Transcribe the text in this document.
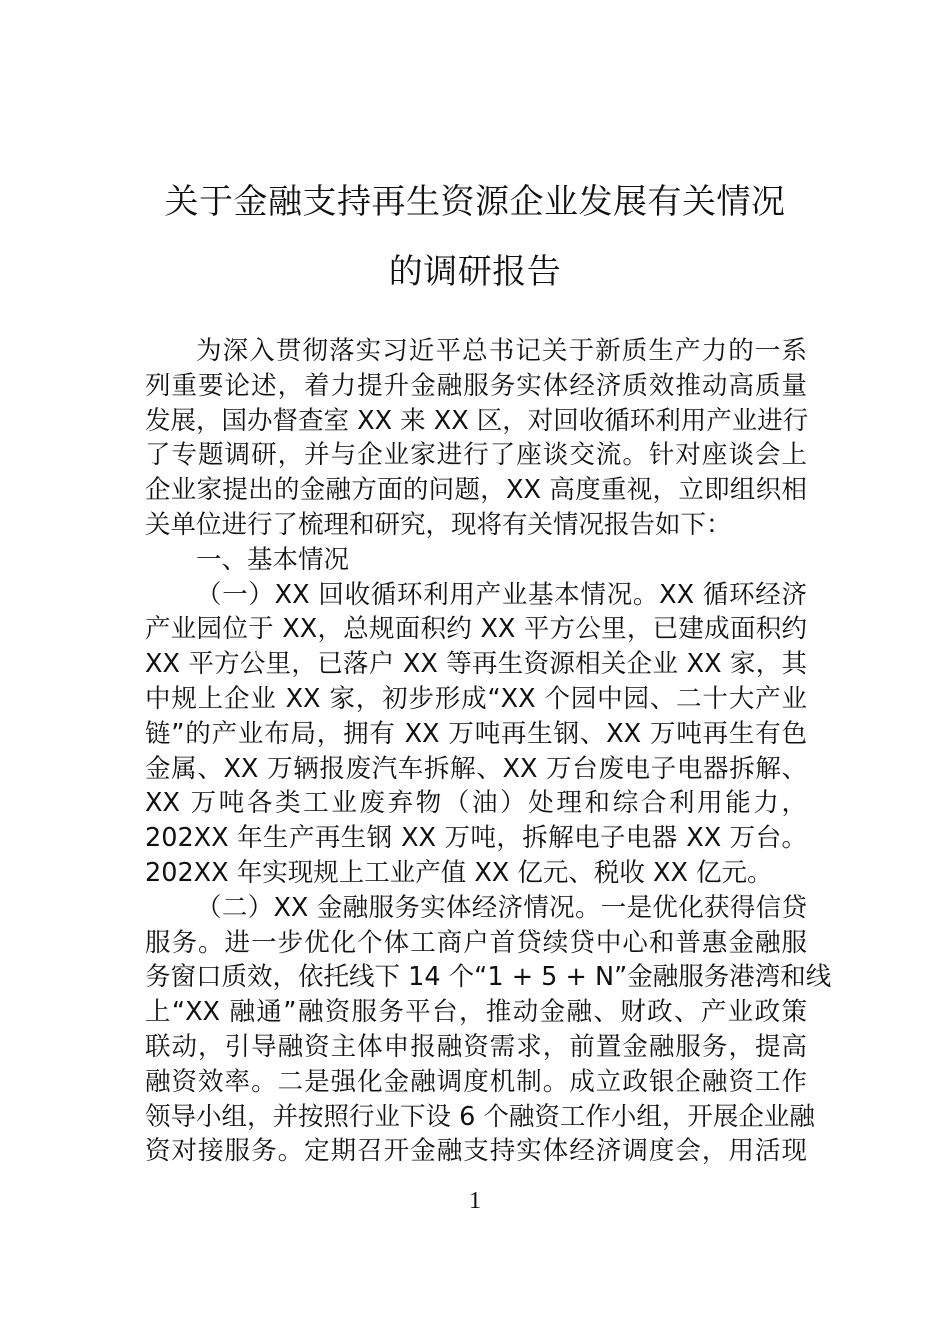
关于金融支持再生资源企业发展有关情况
的调研报告
为深入贯彻落实习近平总书记关于新质生产力的一系
列重要论述，着力提升金融服务实体经济质效推动高质量
发展，国办督查室 XX 来 XX 区，对回收循环利用产业进行
了专题调研，并与企业家进行了座谈交流。针对座谈会上
企业家提出的金融方面的问题，XX 高度重视，立即组织相
关单位进行了梳理和研究，现将有关情况报告如下：
一、基本情况
（一）XX 回收循环利用产业基本情况。XX 循环经济
产业园位于 XX，总规面积约 XX 平方公里，已建成面积约
XX 平方公里，已落户 XX 等再生资源相关企业 XX 家，其
中规上企业 XX 家，初步形成“XX 个园中园、二十大产业
链”的产业布局，拥有 XX 万吨再生钢、XX 万吨再生有色
金属、XX 万辆报废汽车拆解、XX 万台废电子电器拆解、
XX 万吨各类工业废弃物（油）处理和综合利用能力，
202XX 年生产再生钢 XX 万吨，拆解电子电器 XX 万台。
202XX 年实现规上工业产值 XX 亿元、税收 XX 亿元。
（二）XX 金融服务实体经济情况。一是优化获得信贷
服务。进一步优化个体工商户首贷续贷中心和普惠金融服
务窗口质效，依托线下 14 个“1 + 5 + N”金融服务港湾和线
上“XX 融通”融资服务平台，推动金融、财政、产业政策
联动，引导融资主体申报融资需求，前置金融服务，提高
融资效率。二是强化金融调度机制。成立政银企融资工作
领导小组，并按照行业下设 6 个融资工作小组，开展企业融
资对接服务。定期召开金融支持实体经济调度会，用活现
1
